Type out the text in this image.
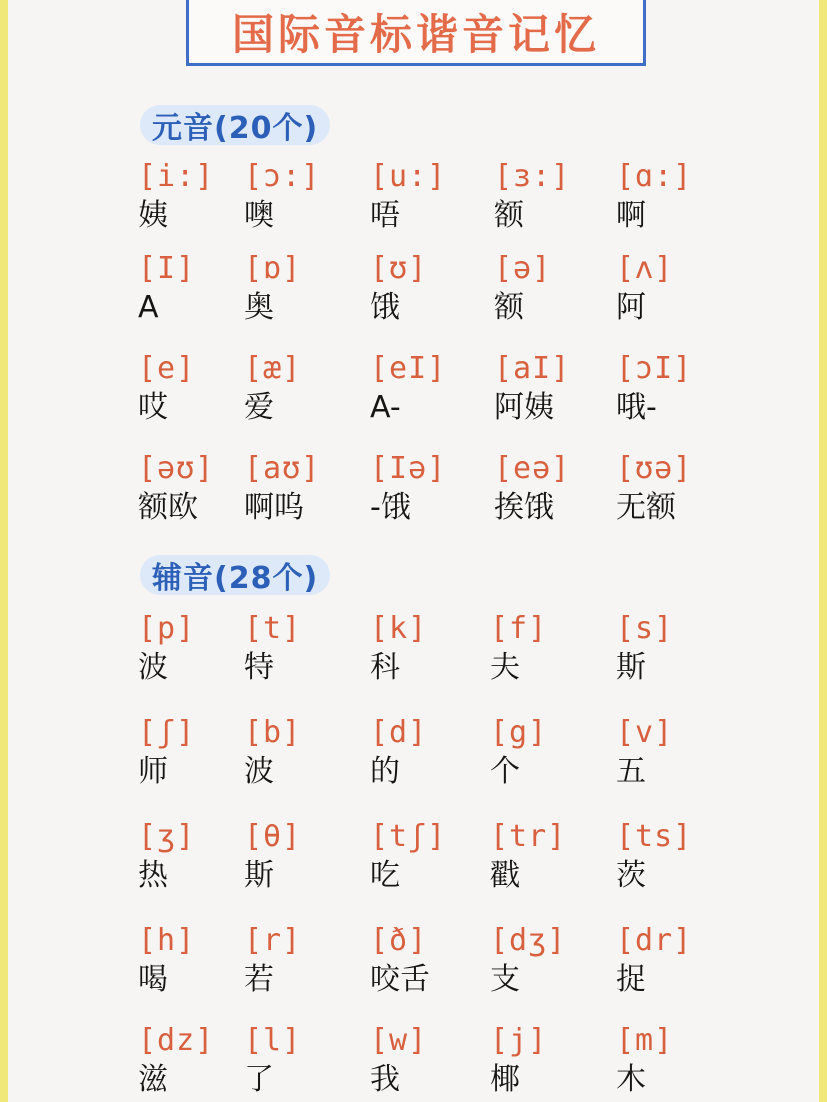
国际音标谐音记忆
元音(20个)
[i:]
姨
[ɔ:]
噢
[u:]
唔
[ɜ:]
额
[ɑ:]
啊
[I]
A
[ɒ]
奥
[ʊ]
饿
[ə]
额
[ʌ]
阿
[e]
哎
[æ]
爱
[eI]
A-
[aI]
阿姨
[ɔI]
哦-
[əʊ]
额欧
[aʊ]
啊呜
[Iə]
-饿
[eə]
挨饿
[ʊə]
无额
辅音(28个)
[p]
波
[t]
特
[k]
科
[f]
夫
[s]
斯
[ʃ]
师
[b]
波
[d]
的
[g]
个
[v]
五
[ʒ]
热
[θ]
斯
[tʃ]
吃
[tr]
戳
[ts]
茨
[h]
喝
[r]
若
[ð]
咬舌
[dʒ]
支
[dr]
捉
[dz]
滋
[l]
了
[w]
我
[j]
椰
[m]
木
